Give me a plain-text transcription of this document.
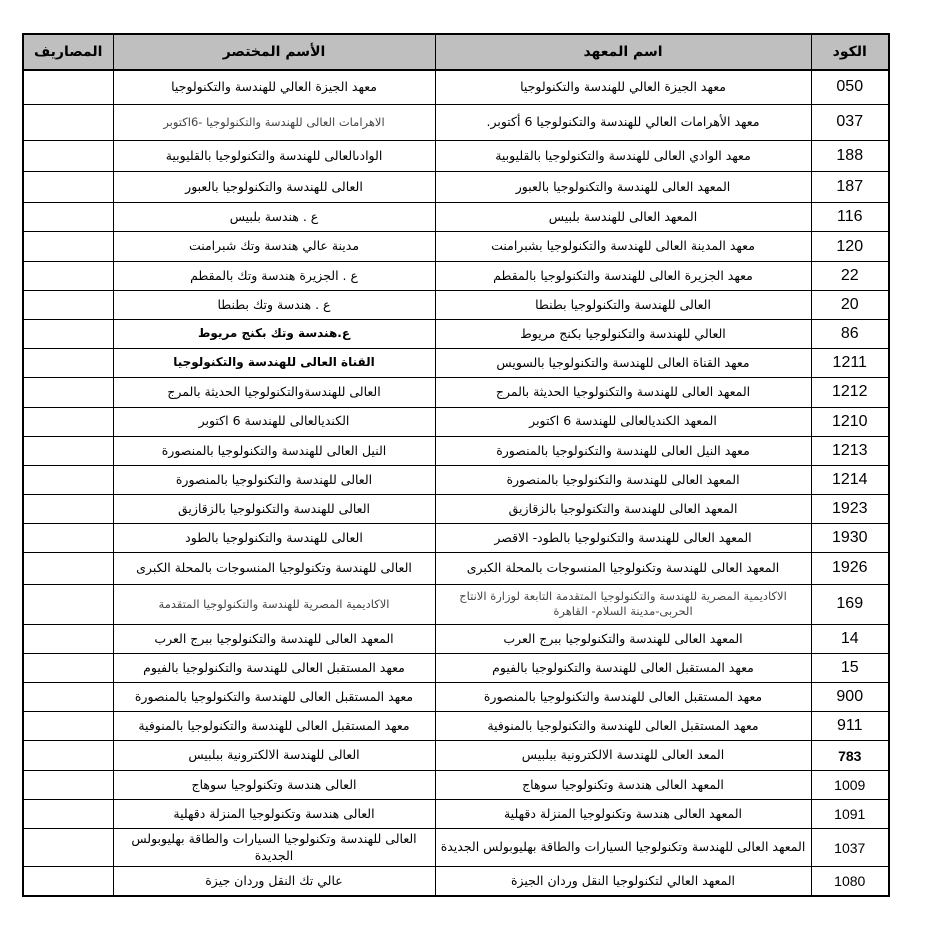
الكود	اسم المعهد	الأسم المختصر	المصاريف
050	معهد الجيزة العالي للهندسة والتكنولوجيا	معهد الجيزة العالي للهندسة والتكنولوجيا	
037	معهد الأهرامات العالي للهندسة والتكنولوجيا 6 أكتوبر.	الاهرامات العالى للهندسة والتكنولوجيا -6اكتوبر	
188	معهد الوادي العالى للهندسة والتكنولوجيا بالقليوبية	الوادىالعالى للهندسة والتكنولوجيا بالقليوبية	
187	المعهد العالى للهندسة والتكنولوجيا بالعبور	العالى للهندسة والتكنولوجيا بالعبور	
116	المعهد العالى للهندسة بلبيس	ع . هندسة بلبيس	
120	معهد المدينة العالى للهندسة والتكنولوجيا بشبرامنت	مدينة عالي هندسة وتك شبرامنت	
22	معهد الجزيرة العالى للهندسة والتكنولوجيا بالمقطم	ع . الجزيرة هندسة وتك بالمقطم	
20	العالى للهندسة والتكنولوجيا بطنطا	ع . هندسة وتك بطنطا	
86	العالي للهندسة والتكنولوجيا بكنج مريوط	ع.هندسة وتك بكنج مريوط	
1211	معهد القناة العالى للهندسة والتكنولوجيا بالسويس	القناة العالى للهندسة والتكنولوجيا	
1212	المعهد العالى للهندسة والتكنولوجيا الحديثة بالمرج	العالى للهندسةوالتكنولوجيا الحديثة بالمرج	
1210	المعهد الكنديالعالى للهندسة 6 اكتوبر	الكنديالعالى للهندسة 6 اكتوبر	
1213	معهد النيل العالى للهندسة والتكنولوجيا بالمنصورة	النيل العالى للهندسة والتكنولوجيا بالمنصورة	
1214	المعهد العالى للهندسة والتكنولوجيا بالمنصورة	العالى للهندسة والتكنولوجيا بالمنصورة	
1923	المعهد العالى للهندسة والتكنولوجيا بالزقازيق	العالى للهندسة والتكنولوجيا بالزقازيق	
1930	المعهد العالى للهندسة والتكنولوجيا بالطود- الاقصر	العالى للهندسة والتكنولوجيا بالطود	
1926	المعهد العالى للهندسة وتكنولوجيا المنسوجات بالمحلة الكبرى	العالى للهندسة وتكنولوجيا المنسوجات بالمحلة الكبرى	
169	الاكاديمية المصرية للهندسة والتكنولوجيا المتقدمة التابعة لوزارة الانتاج الحربى-مدينة السلام- القاهرة	الاكاديمية المصرية للهندسة والتكنولوجيا المتقدمة	
14	المعهد العالى للهندسة والتكنولوجيا ببرج العرب	المعهد العالى للهندسة والتكنولوجيا ببرج العرب	
15	معهد المستقبل العالى للهندسة والتكنولوجيا بالفيوم	معهد المستقبل العالى للهندسة والتكنولوجيا بالفيوم	
900	معهد المستقبل العالى للهندسة والتكنولوجيا بالمنصورة	معهد المستقبل العالى للهندسة والتكنولوجيا بالمنصورة	
911	معهد المستقبل العالى للهندسة والتكنولوجيا بالمنوفية	معهد المستقبل العالى للهندسة والتكنولوجيا بالمنوفية	
783	المعد العالى للهندسة الالكترونية ببلبيس	العالى للهندسة الالكترونية ببلبيس	
1009	المعهد العالى هندسة وتكنولوجيا سوهاج	العالى هندسة وتكنولوجيا سوهاج	
1091	المعهد العالى هندسة وتكنولوجيا المنزلة دقهلية	العالى هندسة وتكنولوجيا المنزلة دقهلية	
1037	المعهد العالى للهندسة وتكنولوجيا السيارات والطاقة بهليوبولس الجديدة	العالى للهندسة وتكنولوجيا السيارات والطاقة بهليوبولس الجديدة	
1080	المعهد العالي لتكنولوجيا النقل وردان الجيزة	عالي تك النقل وردان جيزة	
